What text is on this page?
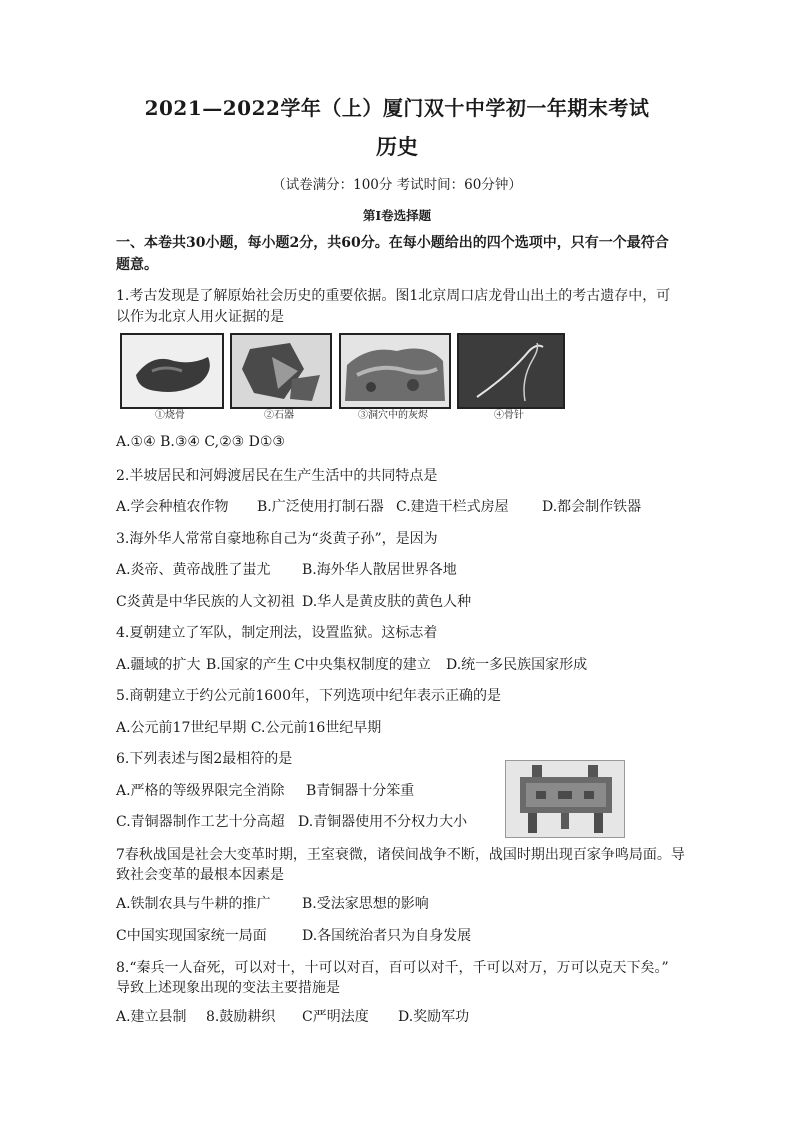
2021—2022学年（上）厦门双十中学初一年期末考试
历史
（试卷满分：100分 考试时间：60分钟）
第Ⅰ卷选择题
一、本卷共30小题，每小题2分，共60分。在每小题给出的四个选项中，只有一个最符合题意。
1.考古发现是了解原始社会历史的重要依据。图1北京周口店龙骨山出土的考古遗存中，可
以作为北京人用火证据的是
①烧骨	②石器	③洞穴中的灰烬	④骨针
A.①④ B.③④ C,②③ D①③
2.半坡居民和河姆渡居民在生产生活中的共同特点是
A.学会种植农作物 B.广泛使用打制石器 C.建造干栏式房屋 D.都会制作铁器
3.海外华人常常自豪地称自己为“炎黄子孙”，是因为
A.炎帝、黄帝战胜了蚩尤 B.海外华人散居世界各地
C炎黄是中华民族的人文初祖 D.华人是黄皮肤的黄色人种
4.夏朝建立了军队，制定刑法，设置监狱。这标志着
A.疆域的扩大 B.国家的产生 C中央集权制度的建立 D.统一多民族国家形成
5.商朝建立于约公元前1600年，下列选项中纪年表示正确的是
A.公元前17世纪早期 C.公元前16世纪早期
6.下列表述与图2最相符的是
A.严格的等级界限完全消除 B青铜器十分笨重
C.青铜器制作工艺十分高超 D.青铜器使用不分权力大小
7春秋战国是社会大变革时期，王室衰微，诸侯间战争不断，战国时期出现百家争鸣局面。导
致社会变革的最根本因素是
A.铁制农具与牛耕的推广 B.受法家思想的影响
C中国实现国家统一局面	D.各国统治者只为自身发展
8.“秦兵一人奋死，可以对十，十可以对百，百可以对千，千可以对万，万可以克天下矣。”
导致上述现象出现的变法主要措施是
A.建立县制 8.鼓励耕织 C严明法度 D.奖励军功
